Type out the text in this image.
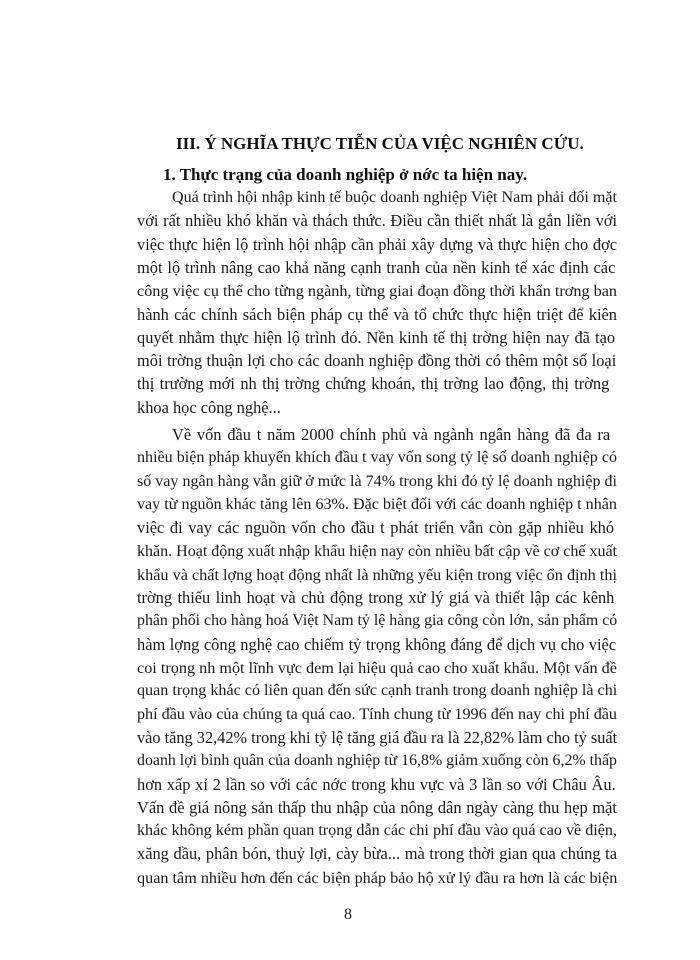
III. Ý NGHĨA THỰC TIỄN CỦA VIỆC NGHIÊN CỨU.
1. Thực trạng của doanh nghiệp ở nớc ta hiện nay.
Quá trình hội nhập kinh tế buộc doanh nghiệp Việt Nam phải đối mặt
với rất nhiều khó khăn và thách thức. Điều cần thiết nhất là gắn liền với
việc thực hiện lộ trình hội nhập cần phải xây dựng và thực hiện cho đợc
một lộ trình nâng cao khả năng cạnh tranh của nền kinh tế xác định các
công việc cụ thể cho từng ngành, từng giai đoạn đồng thời khẩn trơng ban
hành các chính sách biện pháp cụ thể và tổ chức thực hiện triệt để kiên
quyết nhằm thực hiện lộ trình đó. Nền kinh tế thị trờng hiện nay đã tạo
môi trờng thuận lợi cho các doanh nghiệp đồng thời có thêm một số loại
thị trường mới nh thị trờng chứng khoán, thị trờng lao động, thị trờng
khoa học công nghệ...
Về vốn đầu t năm 2000 chính phủ và ngành ngân hàng đã đa ra
nhiều biện pháp khuyến khích đầu t vay vốn song tỷ lệ số doanh nghiệp có
số vay ngân hàng vẫn giữ ở mức là 74% trong khi đó tỷ lệ doanh nghiệp đi
vay từ nguồn khác tăng lên 63%. Đặc biệt đối với các doanh nghiệp t nhân
việc đi vay các nguồn vốn cho đầu t phát triển vẫn còn gặp nhiều khó
khăn. Hoạt động xuất nhập khẩu hiện nay còn nhiều bất cập về cơ chế xuất
khẩu và chất lợng hoạt động nhất là những yếu kiện trong việc ổn định thị
trờng thiếu linh hoạt và chủ động trong xử lý giá và thiết lập các kênh
phân phối cho hàng hoá Việt Nam tỷ lệ hàng gia công còn lớn, sản phẩm có
hàm lợng công nghệ cao chiếm tỷ trọng không đáng để dịch vụ cho việc
coi trọng nh một lĩnh vực đem lại hiệu quả cao cho xuất khẩu. Một vấn đề
quan trọng khác có liên quan đến sức cạnh tranh trong doanh nghiệp là chi
phí đầu vào của chúng ta quá cao. Tính chung từ 1996 đến nay chi phí đầu
vào tăng 32,42% trong khi tỷ lệ tăng giá đầu ra là 22,82% làm cho tỷ suất
doanh lợi bình quân của doanh nghiệp từ 16,8% giảm xuống còn 6,2% thấp
hơn xấp xỉ 2 lần so với các nớc trong khu vực và 3 lần so với Châu Âu.
Vấn đề giá nông sản thấp thu nhập của nông dân ngày càng thu hẹp mặt
khác không kém phần quan trọng dẫn các chi phí đầu vào quá cao về điện,
xăng dầu, phân bón, thuỷ lợi, cày bừa... mà trong thời gian qua chúng ta
quan tâm nhiều hơn đến các biện pháp bảo hộ xử lý đầu ra hơn là các biện
8
